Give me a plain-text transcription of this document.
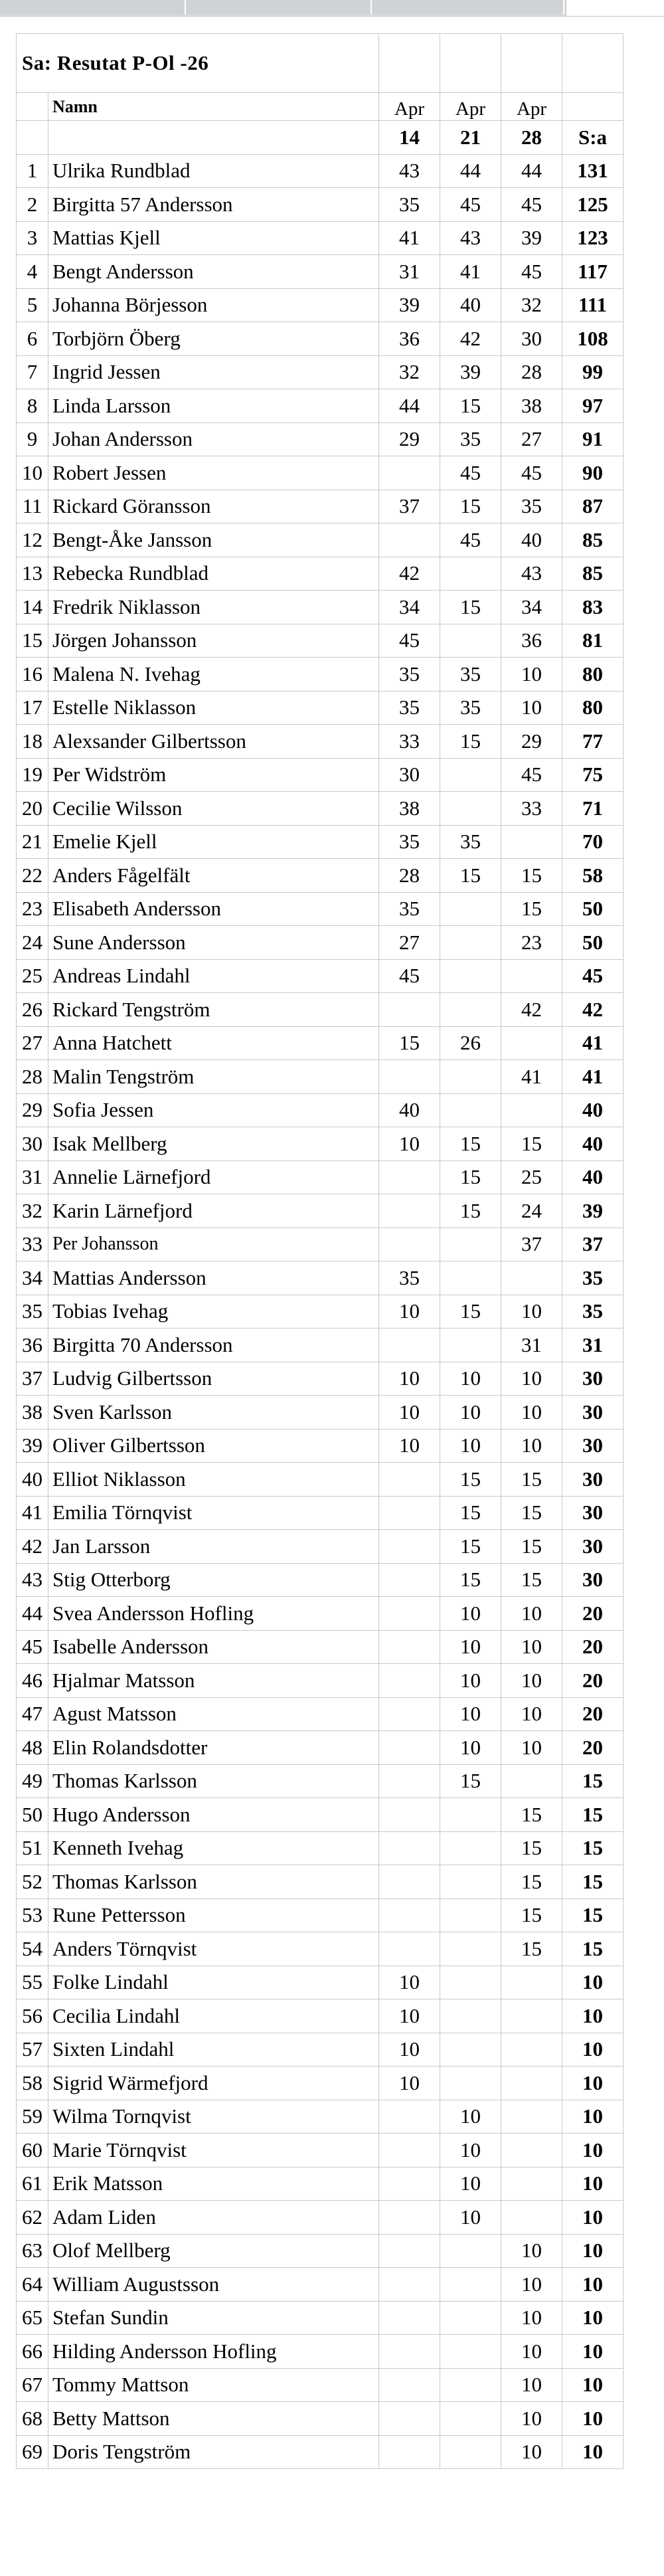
Sa: Resutat P-Ol -26					
	Namn	Apr	Apr	Apr	
		14	21	28	S:a
1	Ulrika Rundblad	43	44	44	131
2	Birgitta 57 Andersson	35	45	45	125
3	Mattias Kjell	41	43	39	123
4	Bengt Andersson	31	41	45	117
5	Johanna Börjesson	39	40	32	111
6	Torbjörn Öberg	36	42	30	108
7	Ingrid Jessen	32	39	28	99
8	Linda Larsson	44	15	38	97
9	Johan Andersson	29	35	27	91
10	Robert Jessen		45	45	90
11	Rickard Göransson	37	15	35	87
12	Bengt-Åke Jansson		45	40	85
13	Rebecka Rundblad	42		43	85
14	Fredrik Niklasson	34	15	34	83
15	Jörgen Johansson	45		36	81
16	Malena N. Ivehag	35	35	10	80
17	Estelle Niklasson	35	35	10	80
18	Alexsander Gilbertsson	33	15	29	77
19	Per Widström	30		45	75
20	Cecilie Wilsson	38		33	71
21	Emelie Kjell	35	35		70
22	Anders Fågelfält	28	15	15	58
23	Elisabeth Andersson	35		15	50
24	Sune Andersson	27		23	50
25	Andreas Lindahl	45			45
26	Rickard Tengström			42	42
27	Anna Hatchett	15	26		41
28	Malin Tengström			41	41
29	Sofia Jessen	40			40
30	Isak Mellberg	10	15	15	40
31	Annelie Lärnefjord		15	25	40
32	Karin Lärnefjord		15	24	39
33	Per Johansson			37	37
34	Mattias Andersson	35			35
35	Tobias Ivehag	10	15	10	35
36	Birgitta 70 Andersson			31	31
37	Ludvig Gilbertsson	10	10	10	30
38	Sven Karlsson	10	10	10	30
39	Oliver Gilbertsson	10	10	10	30
40	Elliot Niklasson		15	15	30
41	Emilia Törnqvist		15	15	30
42	Jan Larsson		15	15	30
43	Stig Otterborg		15	15	30
44	Svea Andersson Hofling		10	10	20
45	Isabelle Andersson		10	10	20
46	Hjalmar Matsson		10	10	20
47	Agust Matsson		10	10	20
48	Elin Rolandsdotter		10	10	20
49	Thomas Karlsson		15		15
50	Hugo Andersson			15	15
51	Kenneth Ivehag			15	15
52	Thomas Karlsson			15	15
53	Rune Pettersson			15	15
54	Anders Törnqvist			15	15
55	Folke Lindahl	10			10
56	Cecilia Lindahl	10			10
57	Sixten Lindahl	10			10
58	Sigrid Wärmefjord	10			10
59	Wilma Tornqvist		10		10
60	Marie Törnqvist		10		10
61	Erik Matsson		10		10
62	Adam Liden		10		10
63	Olof Mellberg			10	10
64	William Augustsson			10	10
65	Stefan Sundin			10	10
66	Hilding Andersson Hofling			10	10
67	Tommy Mattson			10	10
68	Betty Mattson			10	10
69	Doris Tengström			10	10
